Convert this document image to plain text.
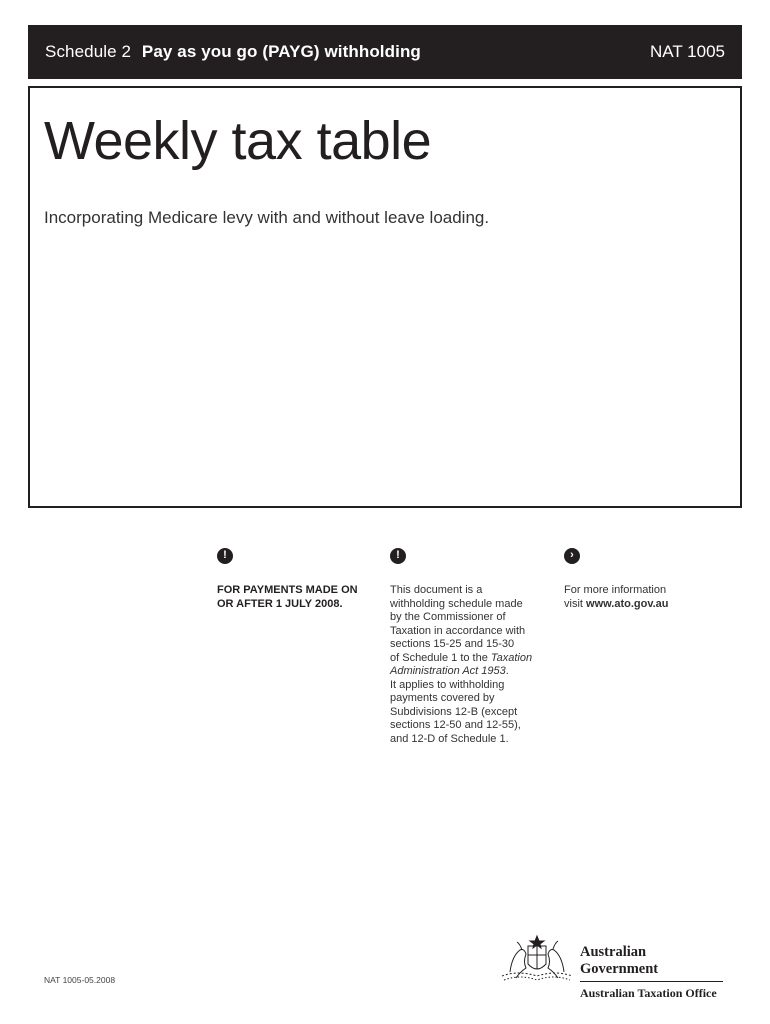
Schedule 2 Pay as you go (PAYG) withholding	NAT 1005
Weekly tax table
Incorporating Medicare levy with and without leave loading.
!
FOR PAYMENTS MADE ON
OR AFTER 1 JULY 2008.
!
This document is a
withholding schedule made
by the Commissioner of
Taxation in accordance with
sections 15-25 and 15-30
of Schedule 1 to the Taxation
Administration Act 1953.
It applies to withholding
payments covered by
Subdivisions 12-B (except
sections 12-50 and 12-55),
and 12-D of Schedule 1.
›
For more information
visit www.ato.gov.au
NAT 1005-05.2008
Australian Government
Australian Taxation Office
